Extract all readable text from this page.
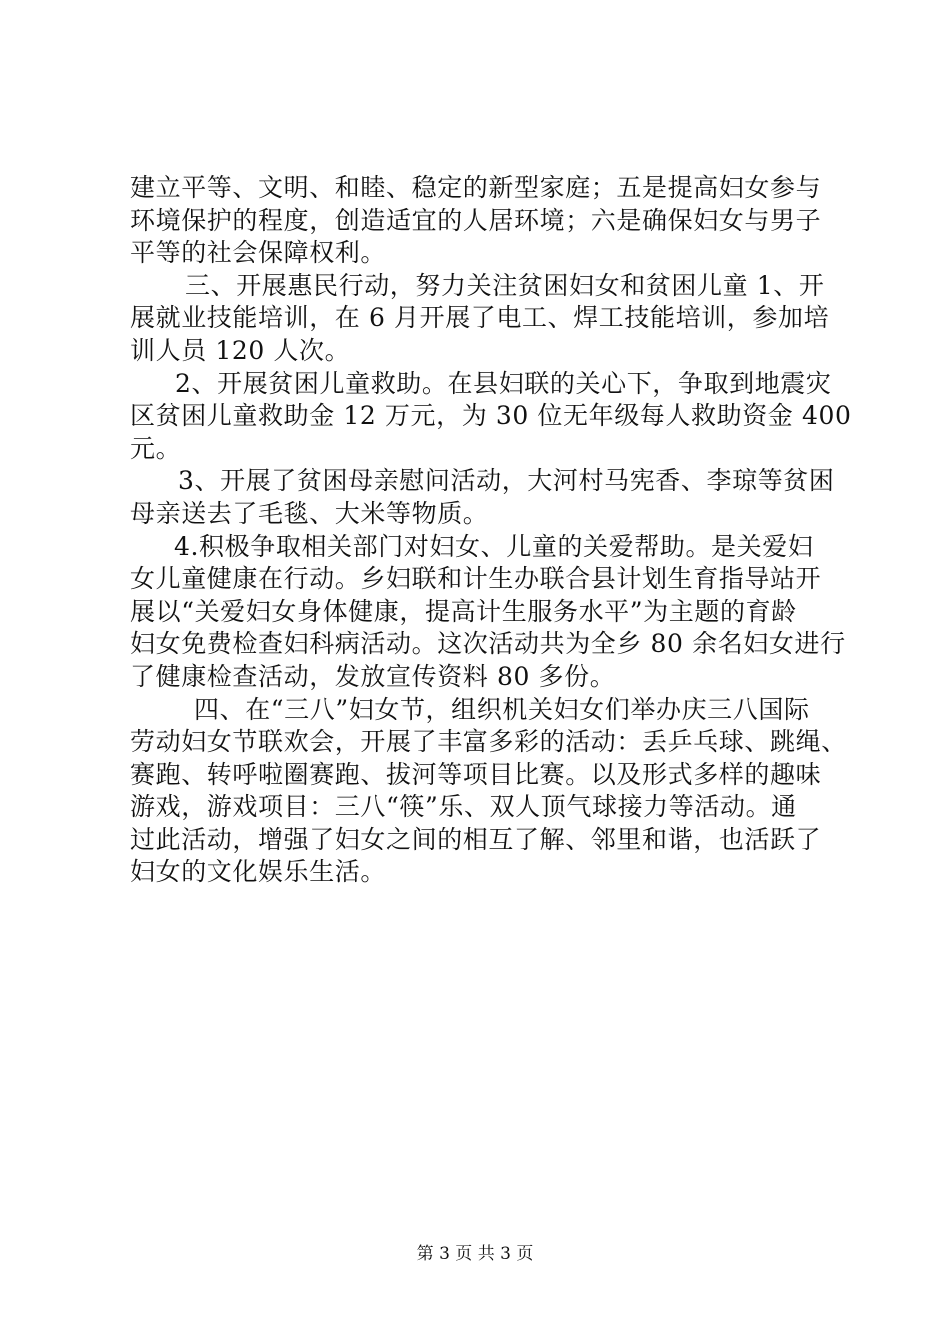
建立平等、文明、和睦、稳定的新型家庭；五是提高妇女参与
环境保护的程度，创造适宜的人居环境；六是确保妇女与男子
平等的社会保障权利。
三、开展惠民行动，努力关注贫困妇女和贫困儿童 1、开
展就业技能培训，在 6 月开展了电工、焊工技能培训，参加培
训人员 120 人次。
2、开展贫困儿童救助。在县妇联的关心下，争取到地震灾
区贫困儿童救助金 12 万元，为 30 位无年级每人救助资金 400
元。
3、开展了贫困母亲慰问活动，大河村马宪香、李琼等贫困
母亲送去了毛毯、大米等物质。
4.积极争取相关部门对妇女、儿童的关爱帮助。是关爱妇
女儿童健康在行动。乡妇联和计生办联合县计划生育指导站开
展以“关爱妇女身体健康，提高计生服务水平”为主题的育龄
妇女免费检查妇科病活动。这次活动共为全乡 80 余名妇女进行
了健康检查活动，发放宣传资料 80 多份。
四、在“三八”妇女节，组织机关妇女们举办庆三八国际
劳动妇女节联欢会，开展了丰富多彩的活动：丢乒乓球、跳绳、
赛跑、转呼啦圈赛跑、拔河等项目比赛。以及形式多样的趣味
游戏，游戏项目：三八“筷”乐、双人顶气球接力等活动。通
过此活动，增强了妇女之间的相互了解、邻里和谐，也活跃了
妇女的文化娱乐生活。
第 3 页 共 3 页
